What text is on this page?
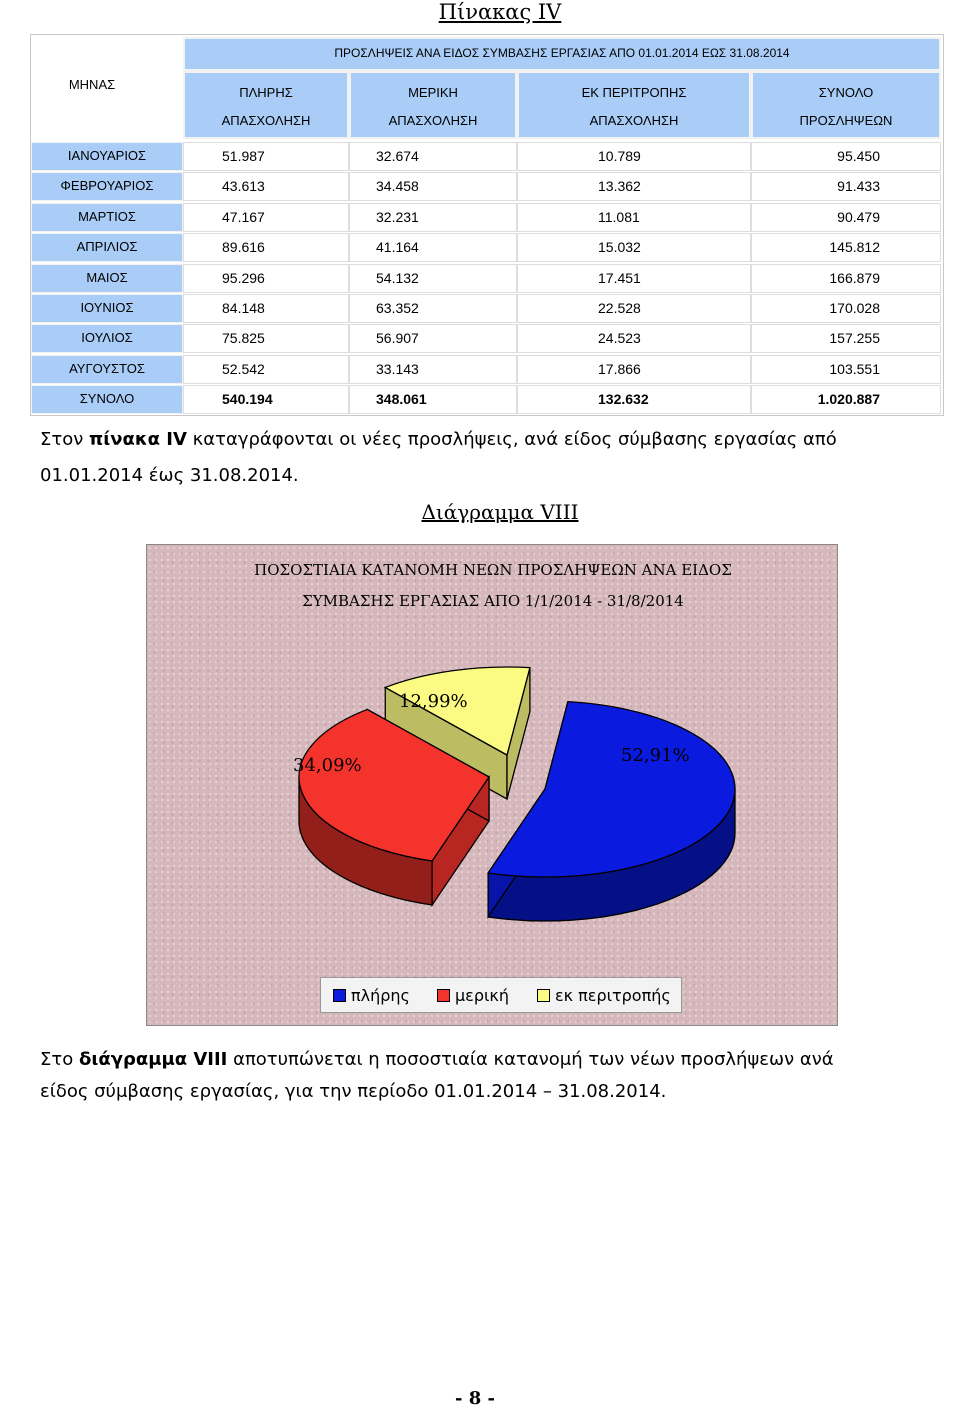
Πίνακας IV
ΜΗΝΑΣ
ΠΡΟΣΛΗΨΕΙΣ ΑΝΑ ΕΙΔΟΣ ΣΥΜΒΑΣΗΣ ΕΡΓΑΣΙΑΣ ΑΠΟ 01.01.2014 ΕΩΣ 31.08.2014
ΠΛΗΡΗΣ
ΑΠΑΣΧΟΛΗΣΗ
ΜΕΡΙΚΗ
ΑΠΑΣΧΟΛΗΣΗ
ΕΚ ΠΕΡΙΤΡΟΠΗΣ
ΑΠΑΣΧΟΛΗΣΗ
ΣΥΝΟΛΟ
ΠΡΟΣΛΗΨΕΩΝ
ΙΑΝΟΥΑΡΙΟΣ	51.987	32.674	10.789	95.450
ΦΕΒΡΟΥΑΡΙΟΣ	43.613	34.458	13.362	91.433
ΜΑΡΤΙΟΣ	47.167	32.231	11.081	90.479
ΑΠΡΙΛΙΟΣ	89.616	41.164	15.032	145.812
ΜΑΙΟΣ	95.296	54.132	17.451	166.879
ΙΟΥΝΙΟΣ	84.148	63.352	22.528	170.028
ΙΟΥΛΙΟΣ	75.825	56.907	24.523	157.255
ΑΥΓΟΥΣΤΟΣ	52.542	33.143	17.866	103.551
ΣΥΝΟΛΟ	540.194	348.061	132.632	1.020.887
Στον πίνακα IV καταγράφονται οι νέες προσλήψεις, ανά είδος σύμβασης εργασίας από
01.01.2014 έως 31.08.2014.
Διάγραμμα VIII
ΠΟΣΟΣΤΙΑΙΑ ΚΑΤΑΝΟΜΗ ΝΕΩΝ ΠΡΟΣΛΗΨΕΩΝ ΑΝΑ ΕΙΔΟΣ
ΣΥΜΒΑΣΗΣ ΕΡΓΑΣΙΑΣ ΑΠΟ 1/1/2014 - 31/8/2014
52,91%
34,09%
12,99%
πλήρης	μερική	εκ περιτροπής
Στο διάγραμμα VIII αποτυπώνεται η ποσοστιαία κατανομή των νέων προσλήψεων ανά
είδος σύμβασης εργασίας, για την περίοδο 01.01.2014 – 31.08.2014.
- 8 -
